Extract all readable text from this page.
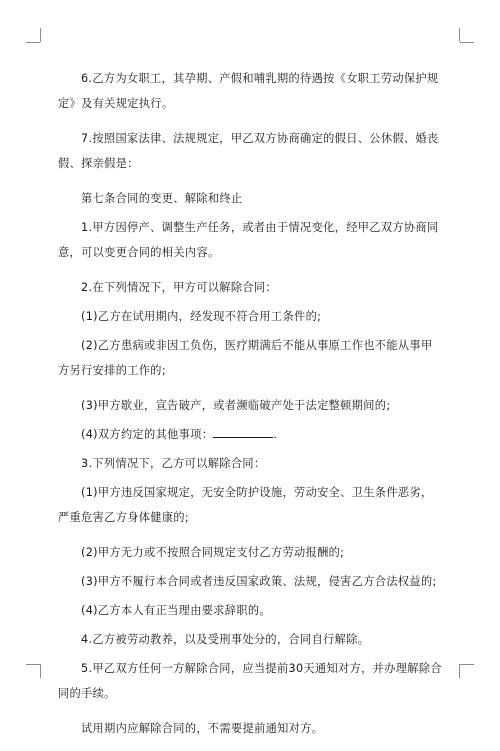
6.乙方为女职工，其孕期、产假和哺乳期的待遇按《女职工劳动保护规定》及有关规定执行。

7.按照国家法律、法规规定，甲乙双方协商确定的假日、公休假、婚丧假、探亲假是：

第七条合同的变更、解除和终止

1.甲方因停产、调整生产任务，或者由于情况变化，经甲乙双方协商同意，可以变更合同的相关内容。

2.在下列情况下，甲方可以解除合同：

(1)乙方在试用期内，经发现不符合用工条件的;

(2)乙方患病或非因工负伤，医疗期满后不能从事原工作也不能从事甲方另行安排的工作的;

(3)甲方歇业，宣告破产，或者濒临破产处于法定整顿期间的;

(4)双方约定的其他事项：	.

3.下列情况下，乙方可以解除合同：

(1)甲方违反国家规定，无安全防护设施，劳动安全、卫生条件恶劣，严重危害乙方身体健康的;

(2)甲方无力或不按照合同规定支付乙方劳动报酬的;

(3)甲方不履行本合同或者违反国家政策、法规，侵害乙方合法权益的;

(4)乙方本人有正当理由要求辞职的。

4.乙方被劳动教养，以及受刑事处分的，合同自行解除。

5.甲乙双方任何一方解除合同，应当提前30天通知对方，并办理解除合同的手续。

试用期内应解除合同的，不需要提前通知对方。
